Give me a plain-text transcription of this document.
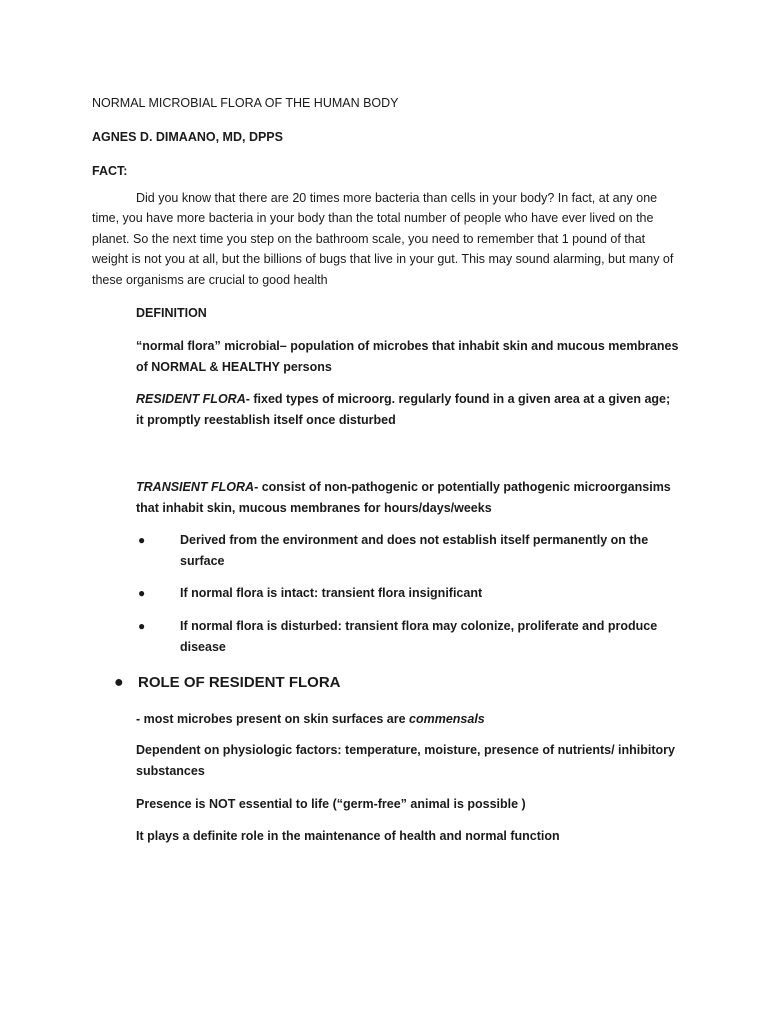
NORMAL MICROBIAL FLORA OF THE HUMAN BODY
AGNES D. DIMAANO, MD, DPPS
FACT:
Did you know that there are 20 times more bacteria than cells in your body? In fact, at any one time, you have more bacteria in your body than the total number of people who have ever lived on the planet. So the next time you step on the bathroom scale, you need to remember that 1 pound of that weight is not you at all, but the billions of bugs that live in your gut. This may sound alarming, but many of these organisms are crucial to good health
DEFINITION
“normal flora” microbial– population of microbes that inhabit skin and mucous membranes of NORMAL & HEALTHY persons
RESIDENT FLORA- fixed types of microorg. regularly found in a given area at a given age; it promptly reestablish itself once disturbed
TRANSIENT FLORA- consist of non-pathogenic or potentially pathogenic microorgansims that inhabit skin, mucous membranes for hours/days/weeks
●	Derived from the environment and does not establish itself permanently on the surface
●	If normal flora is intact: transient flora insignificant
●	If normal flora is disturbed: transient flora may colonize, proliferate and produce disease
● ROLE OF RESIDENT FLORA
- most microbes present on skin surfaces are commensals
Dependent on physiologic factors: temperature, moisture, presence of nutrients/ inhibitory substances
Presence is NOT essential to life (“germ-free” animal is possible )
It plays a definite role in the maintenance of health and normal function
